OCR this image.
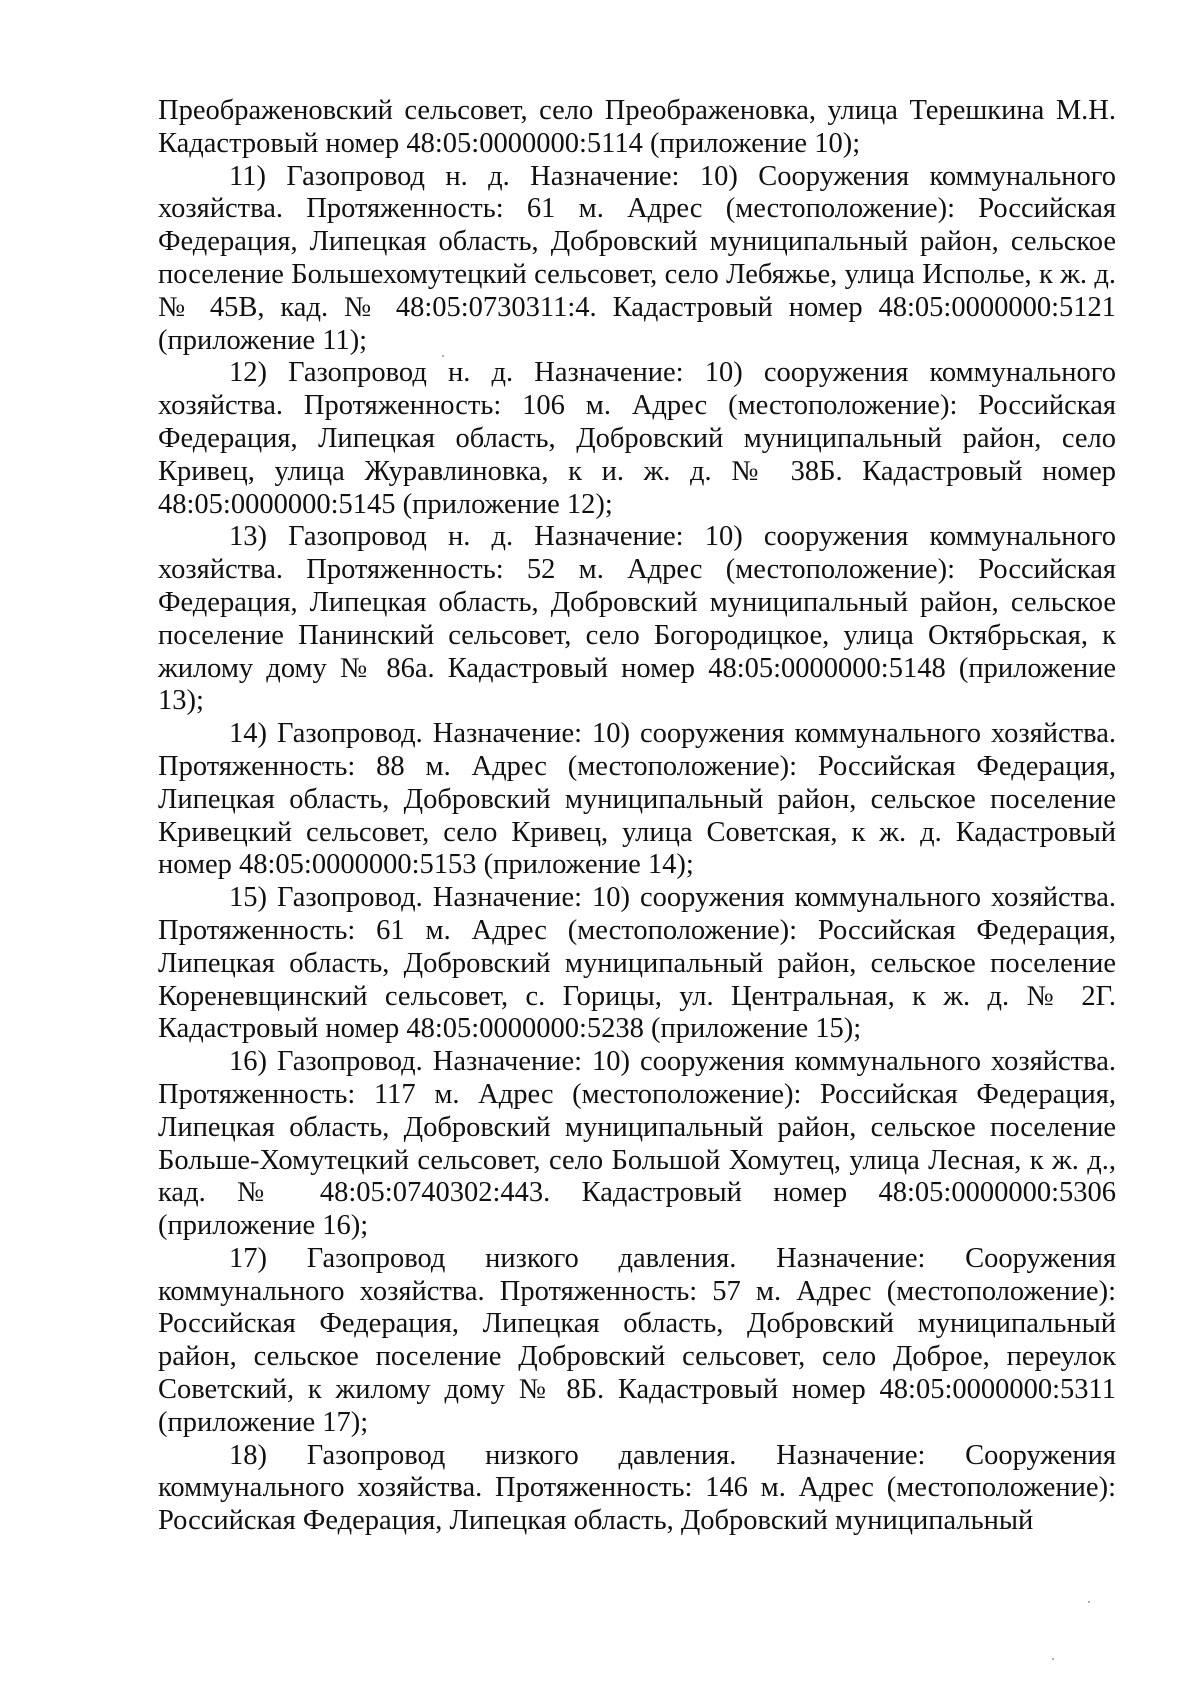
Преображеновский сельсовет, село Преображеновка, улица Терешкина М.Н. Кадастровый номер 48:05:0000000:5114 (приложение 10);

11) Газопровод н. д. Назначение: 10) Сооружения коммунального хозяйства. Протяженность: 61 м. Адрес (местоположение): Российская Федерация, Липецкая область, Добровский муниципальный район, сельское поселение Большехомутецкий сельсовет, село Лебяжье, улица Исполье, к ж. д. № 45В, кад. № 48:05:0730311:4. Кадастровый номер 48:05:0000000:5121 (приложение 11);

12) Газопровод н. д. Назначение: 10) сооружения коммунального хозяйства. Протяженность: 106 м. Адрес (местоположение): Российская Федерация, Липецкая область, Добровский муниципальный район, село Кривец, улица Журавлиновка, к и. ж. д. № 38Б. Кадастровый номер 48:05:0000000:5145 (приложение 12);

13) Газопровод н. д. Назначение: 10) сооружения коммунального хозяйства. Протяженность: 52 м. Адрес (местоположение): Российская Федерация, Липецкая область, Добровский муниципальный район, сельское поселение Панинский сельсовет, село Богородицкое, улица Октябрьская, к жилому дому № 86а. Кадастровый номер 48:05:0000000:5148 (приложение 13);

14) Газопровод. Назначение: 10) сооружения коммунального хозяйства. Протяженность: 88 м. Адрес (местоположение): Российская Федерация, Липецкая область, Добровский муниципальный район, сельское поселение Кривецкий сельсовет, село Кривец, улица Советская, к ж. д. Кадастровый номер 48:05:0000000:5153 (приложение 14);

15) Газопровод. Назначение: 10) сооружения коммунального хозяйства. Протяженность: 61 м. Адрес (местоположение): Российская Федерация, Липецкая область, Добровский муниципальный район, сельское поселение Кореневщинский сельсовет, с. Горицы, ул. Центральная, к ж. д. № 2Г. Кадастровый номер 48:05:0000000:5238 (приложение 15);

16) Газопровод. Назначение: 10) сооружения коммунального хозяйства. Протяженность: 117 м. Адрес (местоположение): Российская Федерация, Липецкая область, Добровский муниципальный район, сельское поселение Больше-Хомутецкий сельсовет, село Большой Хомутец, улица Лесная, к ж. д., кад. № 48:05:0740302:443. Кадастровый номер 48:05:0000000:5306 (приложение 16);

17) Газопровод низкого давления. Назначение: Сооружения коммунального хозяйства. Протяженность: 57 м. Адрес (местоположение): Российская Федерация, Липецкая область, Добровский муниципальный район, сельское поселение Добровский сельсовет, село Доброе, переулок Советский, к жилому дому № 8Б. Кадастровый номер 48:05:0000000:5311 (приложение 17);

18) Газопровод низкого давления. Назначение: Сооружения коммунального хозяйства. Протяженность: 146 м. Адрес (местоположение): Российская Федерация, Липецкая область, Добровский муниципальный
